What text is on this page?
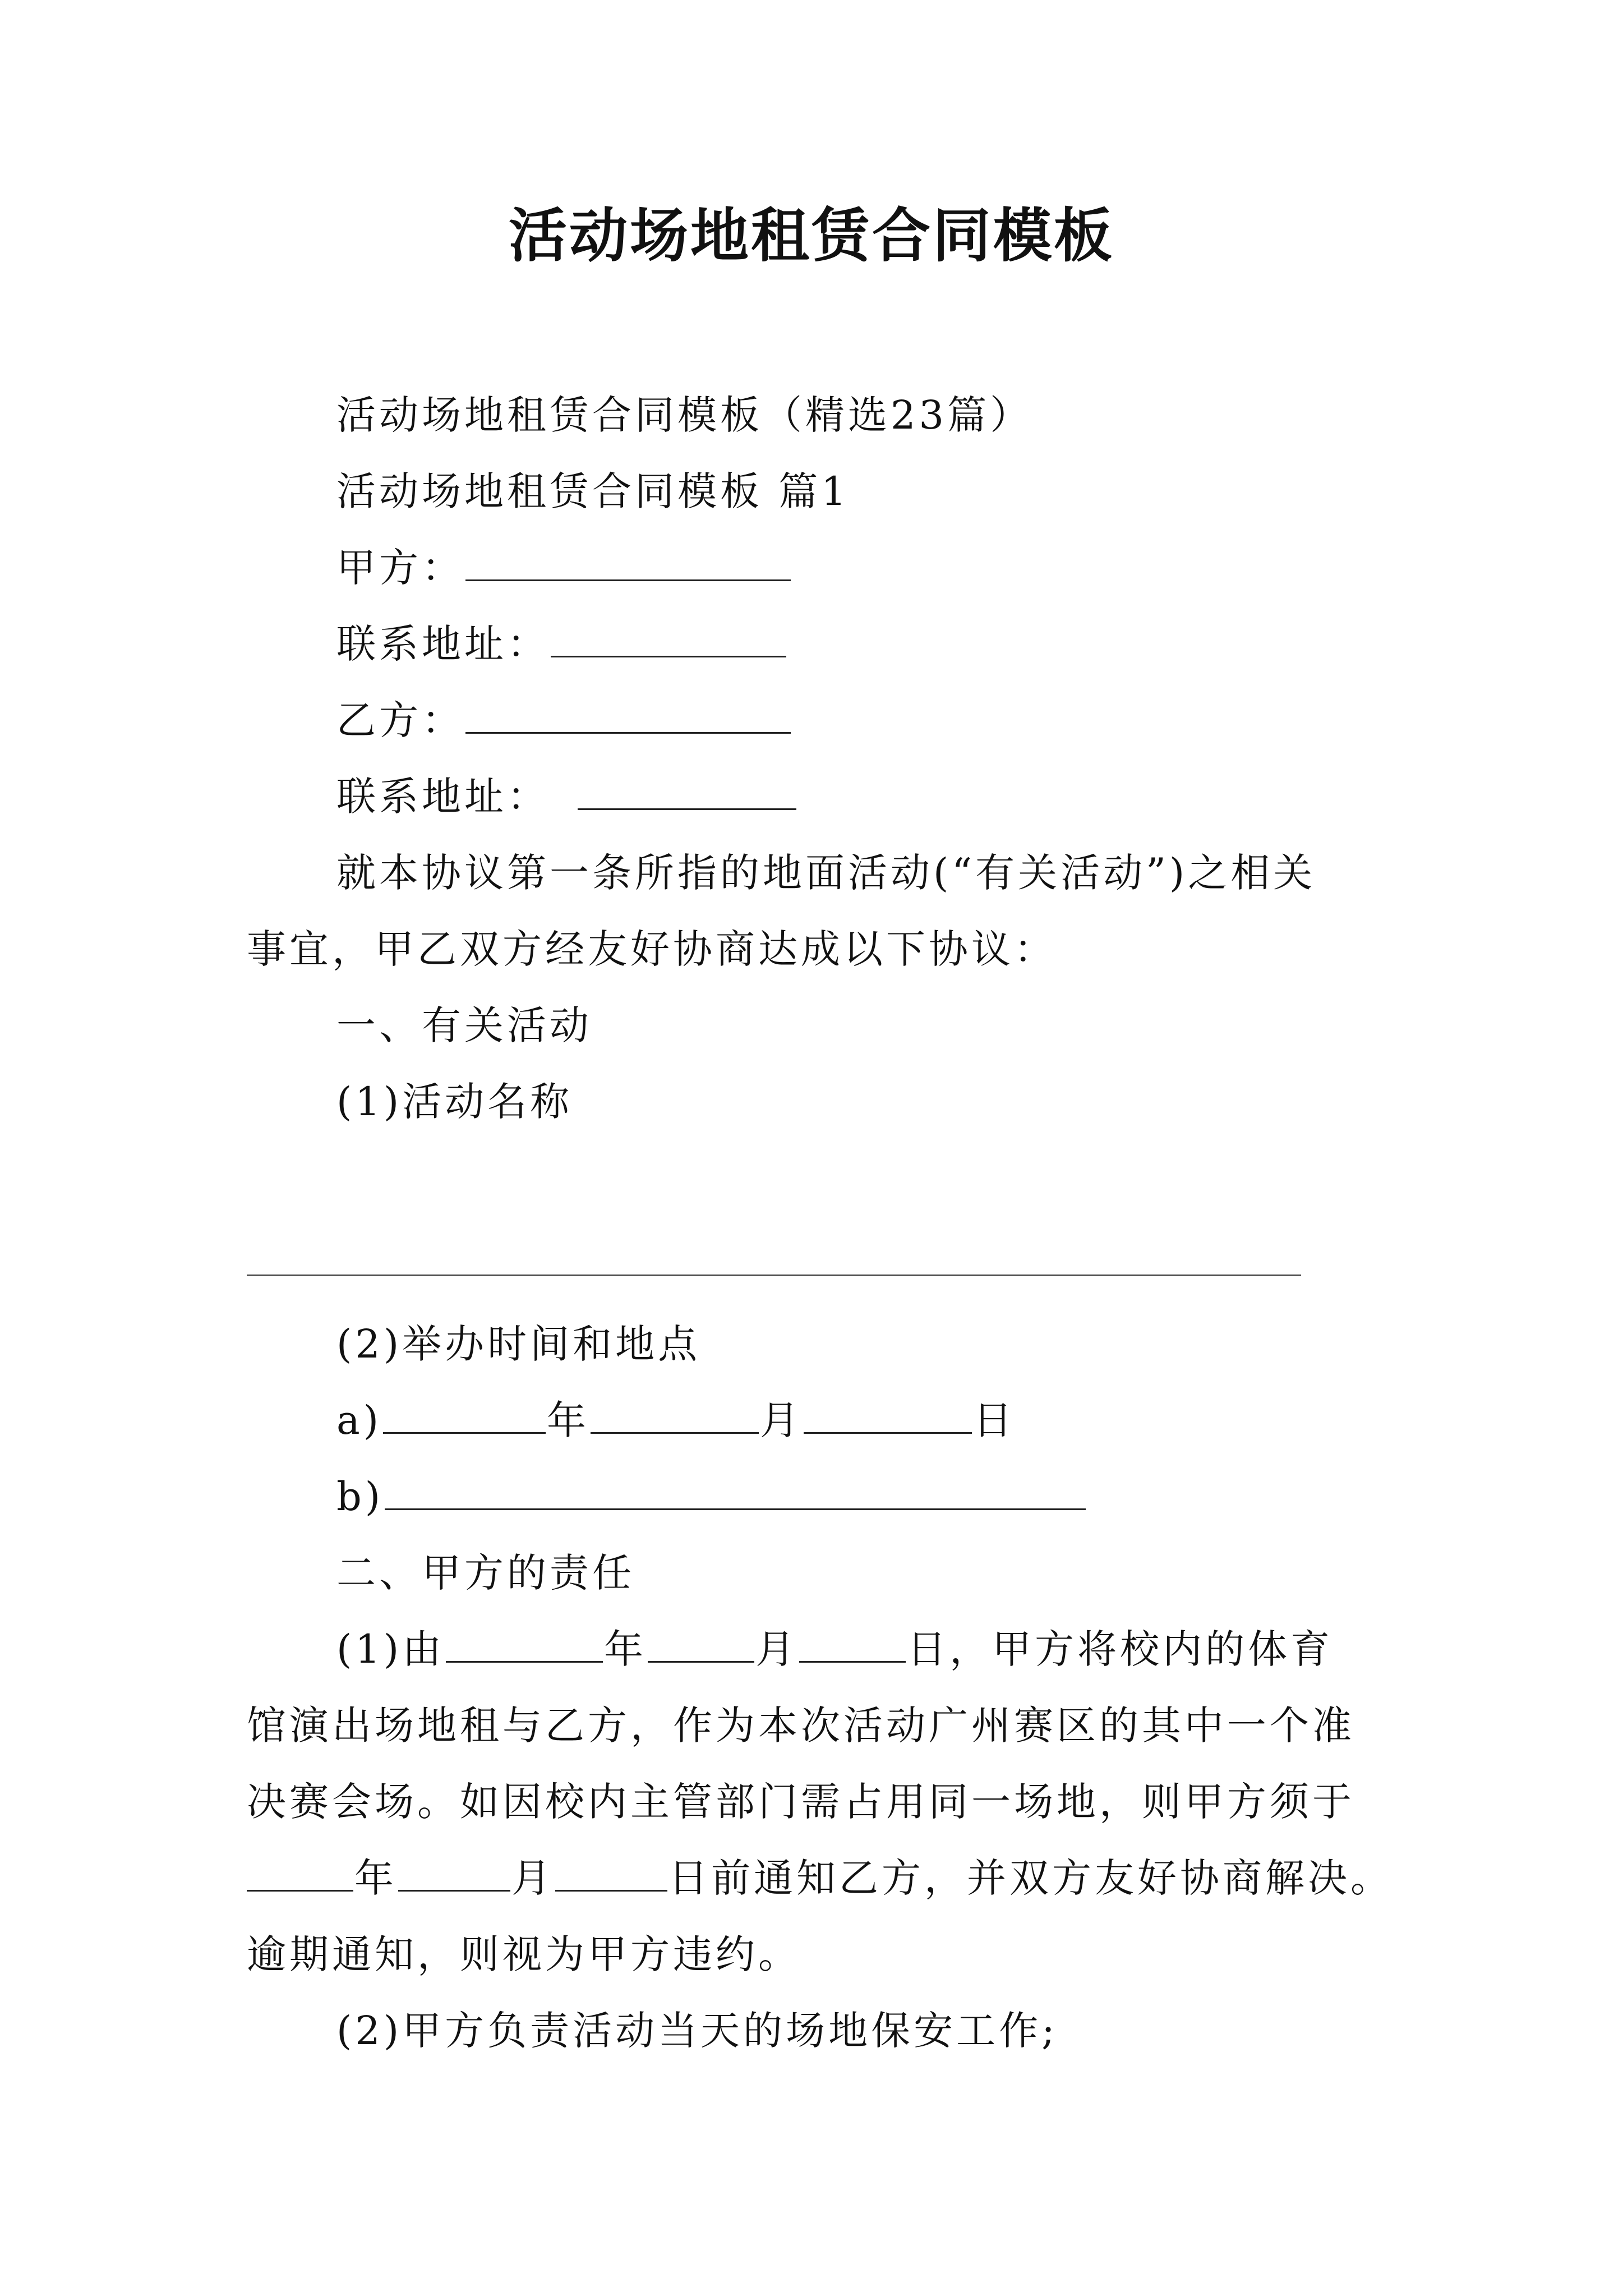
活动场地租赁合同模板
活动场地租赁合同模板（精选23篇）
活动场地租赁合同模板 篇1
甲方：
联系地址：
乙方：
联系地址：
就本协议第一条所指的地面活动(“有关活动”)之相关
事宜，甲乙双方经友好协商达成以下协议：
一、有关活动
(1)活动名称
(2)举办时间和地点
a)	年	月	日
b)
二、甲方的责任
(1)由	年	月	日，甲方将校内的体育
馆演出场地租与乙方，作为本次活动广州赛区的其中一个准
决赛会场。如因校内主管部门需占用同一场地，则甲方须于
年	月	日前通知乙方，并双方友好协商解决。
逾期通知，则视为甲方违约。
(2)甲方负责活动当天的场地保安工作;
